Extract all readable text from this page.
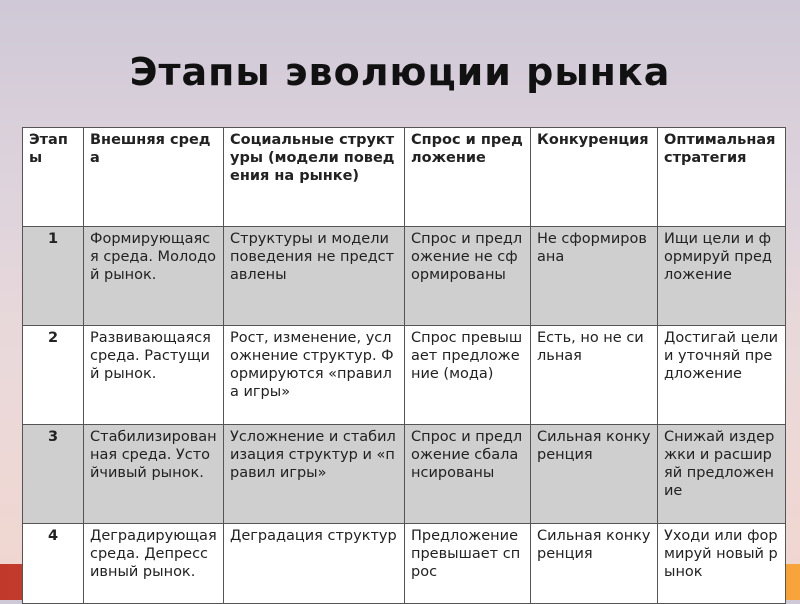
Этапы эволюции рынка
Этапы	Внешняя среда	Социальные структуры (модели поведения на рынке)	Спрос и предложение	Конкуренция	Оптимальная стратегия
1	Формирующаяся среда. Молодой рынок.	Структуры и модели поведения не представлены	Спрос и предложение не сформированы	Не сформирована	Ищи цели и формируй предложение
2	Развивающаяся среда. Растущий рынок.	Рост, изменение, усложнение структур. Формируются «правила игры»	Спрос превышает предложение (мода)	Есть, но не сильная	Достигай цели и уточняй предложение
3	Стабилизирован ная среда. Устойчивый рынок.	Усложнение и стабилизация структур и «правил игры»	Спрос и предложение сбалансированы	Сильная конкуренция	Снижай издержки и расширяй предложение
4	Деградирующая среда. Депрессивный рынок.	Деградация структур	Предложение превышает спрос	Сильная конкуренция	Уходи или формируй новый рынок
